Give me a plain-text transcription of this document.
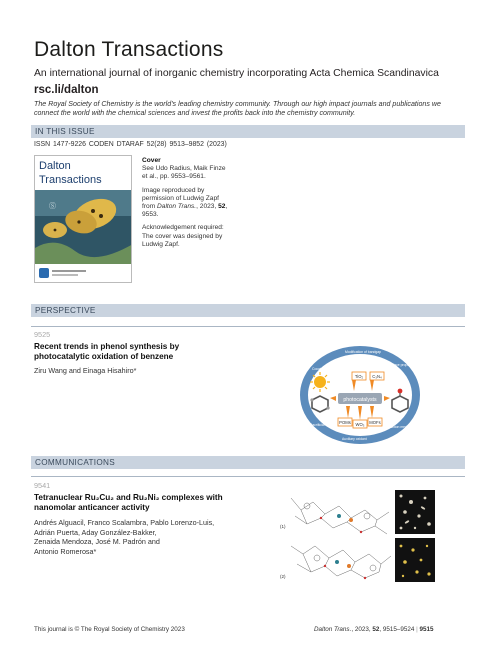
Dalton Transactions
An international journal of inorganic chemistry incorporating Acta Chemica Scandinavica
rsc.li/dalton
The Royal Society of Chemistry is the world's leading chemistry community. Through our high impact journals and publications we
connect the world with the chemical sciences and invest the profits back into the chemistry community.
IN THIS ISSUE
ISSN 1477-9226 CODEN DTARAF 52(28) 9513–9852 (2023)
Dalton
Transactions
Ⓢ
Cover
See Udo Radius, Maik Finze
et al., pp. 9553–9561.
Image reproduced by
permission of Ludwig Zapf
from Dalton Trans., 2023, 52,
9553.
Acknowledgement required:
The cover was designed by
Ludwig Zapf.
PERSPECTIVE
9525
Recent trends in phenol synthesis by
photocatalytic oxidation of benzene
Ziru Wang and Einaga Hisahiro*	Cocatalysts
Modification of bandgap
Surface property
Sacrificial reagent
Auxiliary oxidant
Reaction medium
photocatalysts
TiO₂ C₃N₄
POMs WO₃ MOFs
COMMUNICATIONS
9541
Tetranuclear Ru₂Cu₂ and Ru₂Ni₂ complexes with
nanomolar anticancer activity
Andrés Alguacil, Franco Scalambra, Pablo Lorenzo-Luis,
Adrián Puerta, Aday González-Bakker,
Zenaida Mendoza, José M. Padrón and
Antonio Romerosa*
(1)
(2)
This journal is © The Royal Society of Chemistry 2023	Dalton Trans., 2023, 52, 9515–9524 | 9515
